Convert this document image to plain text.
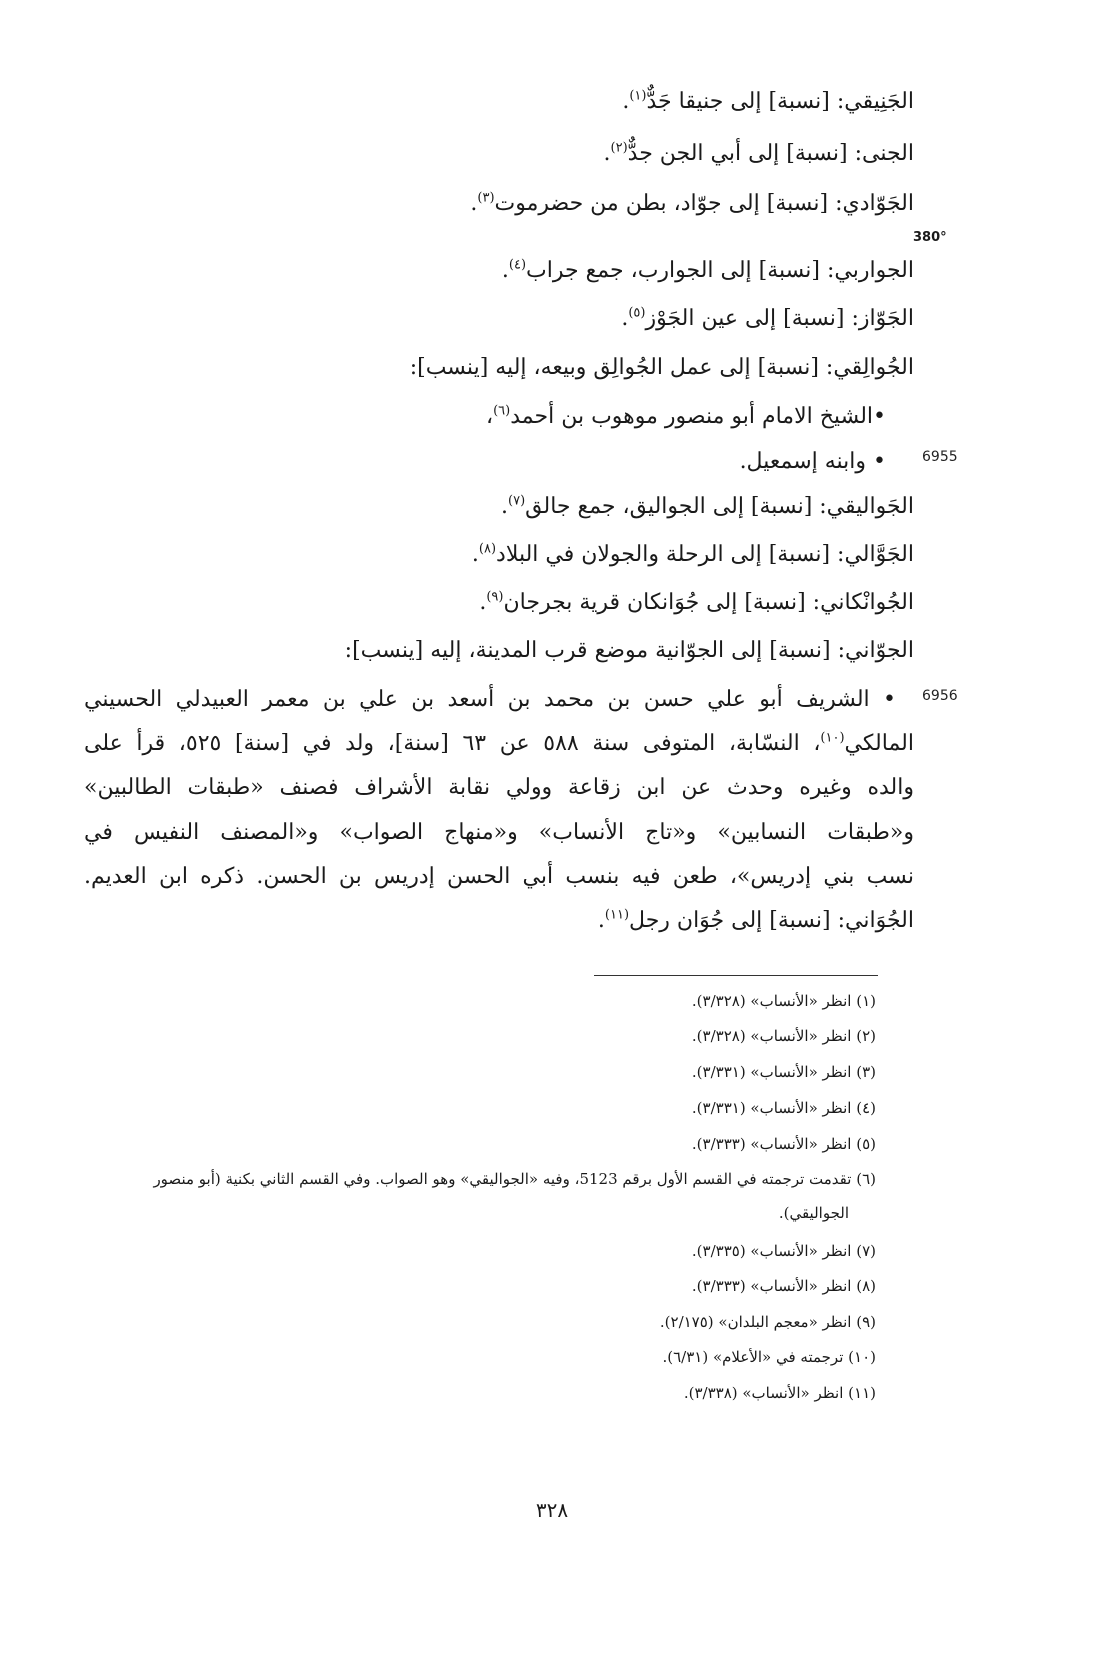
الجَنِيقي: [نسبة] إلى جنيقا جَدٌّ$^{(١)}$.
الجنى: [نسبة] إلى أبي الجن جدٌّ$^{(٢)}$.
الجَوّادي: [نسبة] إلى جوّاد، بطن من حضرموت$^{(٣)}$.
الجواربي: [نسبة] إلى الجوارب، جمع جراب$^{(٤)}$.
الجَوّاز: [نسبة] إلى عين الجَوْز$^{(٥)}$.
الجُوالِقي: [نسبة] إلى عمل الجُوالِق وبيعه، إليه [ينسب]:
•الشيخ الامام أبو منصور موهوب بن أحمد$^{(٦)}$،
• وابنه إسمعيل.
الجَواليقي: [نسبة] إلى الجواليق، جمع جالق$^{(٧)}$.
الجَوَّالي: [نسبة] إلى الرحلة والجولان في البلاد$^{(٨)}$.
الجُوانْكاني: [نسبة] إلى جُوَانكان قرية بجرجان$^{(٩)}$.
الجوّاني: [نسبة] إلى الجوّانية موضع قرب المدينة، إليه [ينسب]:
• الشريف أبو علي حسن بن محمد بن أسعد بن علي بن معمر العبيدلي الحسيني
المالكي$^{(١٠)}$، النسّابة، المتوفى سنة ٥٨٨ عن ٦٣ [سنة]، ولد في [سنة] ٥٢٥، قرأ على
والده وغيره وحدث عن ابن زقاعة وولي نقابة الأشراف فصنف «طبقات الطالبين»
و«طبقات النسابين» و«تاج الأنساب» و«منهاج الصواب» و«المصنف النفيس في
نسب بني إدريس»، طعن فيه بنسب أبي الحسن إدريس بن الحسن. ذكره ابن العديم.
الجُوَاني: [نسبة] إلى جُوَان رجل$^{(١١)}$.
380°
6955
6956
(١) انظر «الأنساب» (٣/٣٢٨).
(٢) انظر «الأنساب» (٣/٣٢٨).
(٣) انظر «الأنساب» (٣/٣٣١).
(٤) انظر «الأنساب» (٣/٣٣١).
(٥) انظر «الأنساب» (٣/٣٣٣).
(٦) تقدمت ترجمته في القسم الأول برقم 5123، وفيه «الجواليقي» وهو الصواب. وفي القسم الثاني بكنية (أبو منصور
الجواليقي).
(٧) انظر «الأنساب» (٣/٣٣٥).
(٨) انظر «الأنساب» (٣/٣٣٣).
(٩) انظر «معجم البلدان» (٢/١٧٥).
(١٠) ترجمته في «الأعلام» (٦/٣١).
(١١) انظر «الأنساب» (٣/٣٣٨).
٣٢٨
